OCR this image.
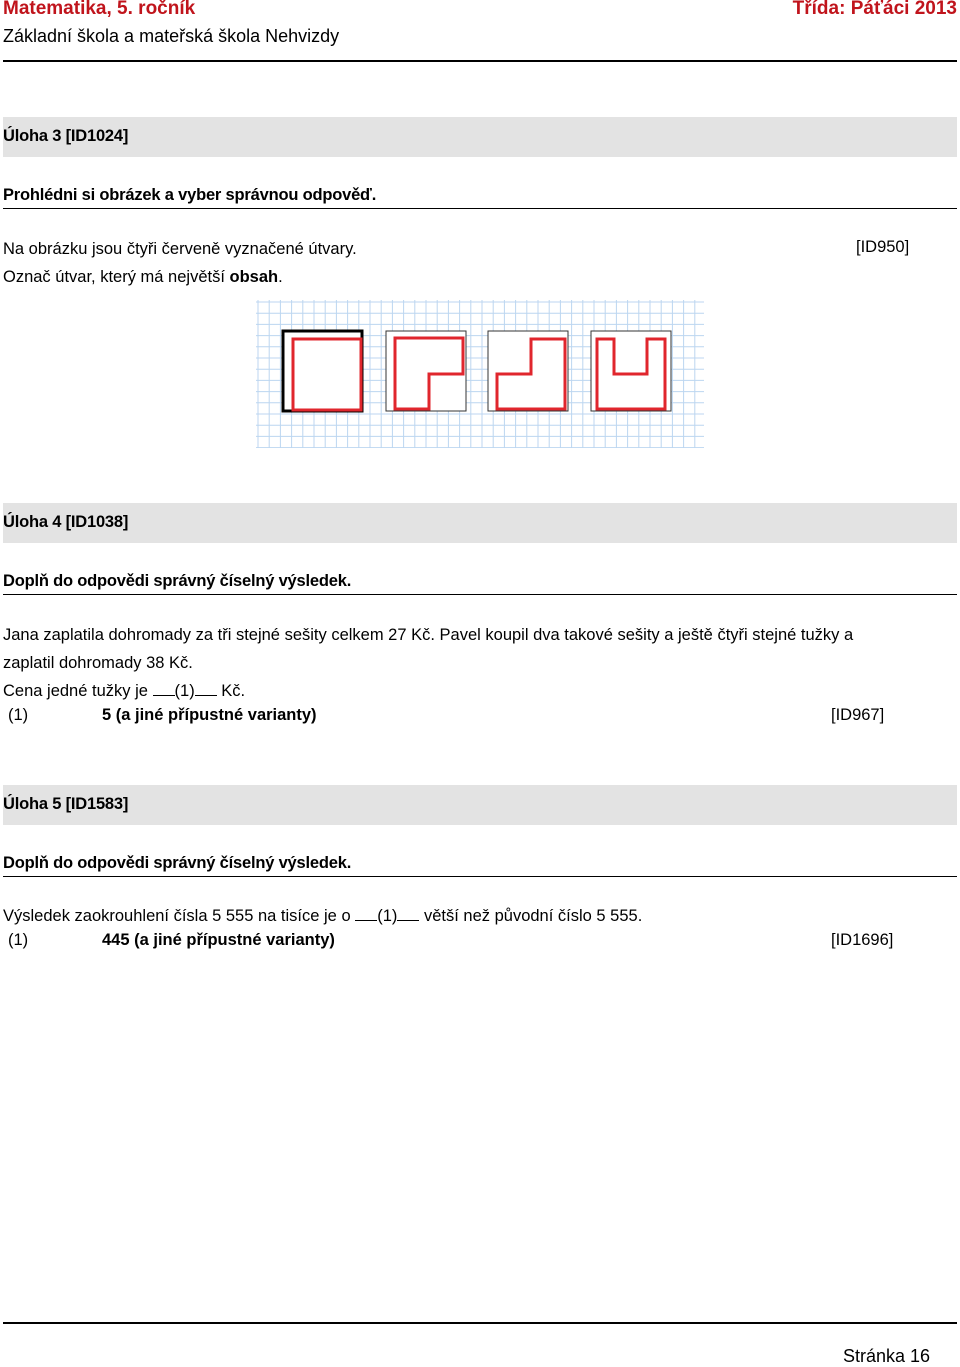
Matematika, 5. ročník	Třída: Páťáci 2013
Základní škola a mateřská škola Nehvizdy
Úloha 3 [ID1024]
Prohlédni si obrázek a vyber správnou odpověď.
Na obrázku jsou čtyři červeně vyznačené útvary.
Označ útvar, který má největší obsah.
[ID950]
Úloha 4 [ID1038]
Doplň do odpovědi správný číselný výsledek.
Jana zaplatila dohromady za tři stejné sešity celkem 27 Kč. Pavel koupil dva takové sešity a ještě čtyři stejné tužky a
zaplatil dohromady 38 Kč.
Cena jedné tužky je (1) Kč.
(1)	5 (a jiné přípustné varianty)	[ID967]
Úloha 5 [ID1583]
Doplň do odpovědi správný číselný výsledek.
Výsledek zaokrouhlení čísla 5 555 na tisíce je o (1) větší než původní číslo 5 555.
(1)	445 (a jiné přípustné varianty)	[ID1696]
Stránka 16
